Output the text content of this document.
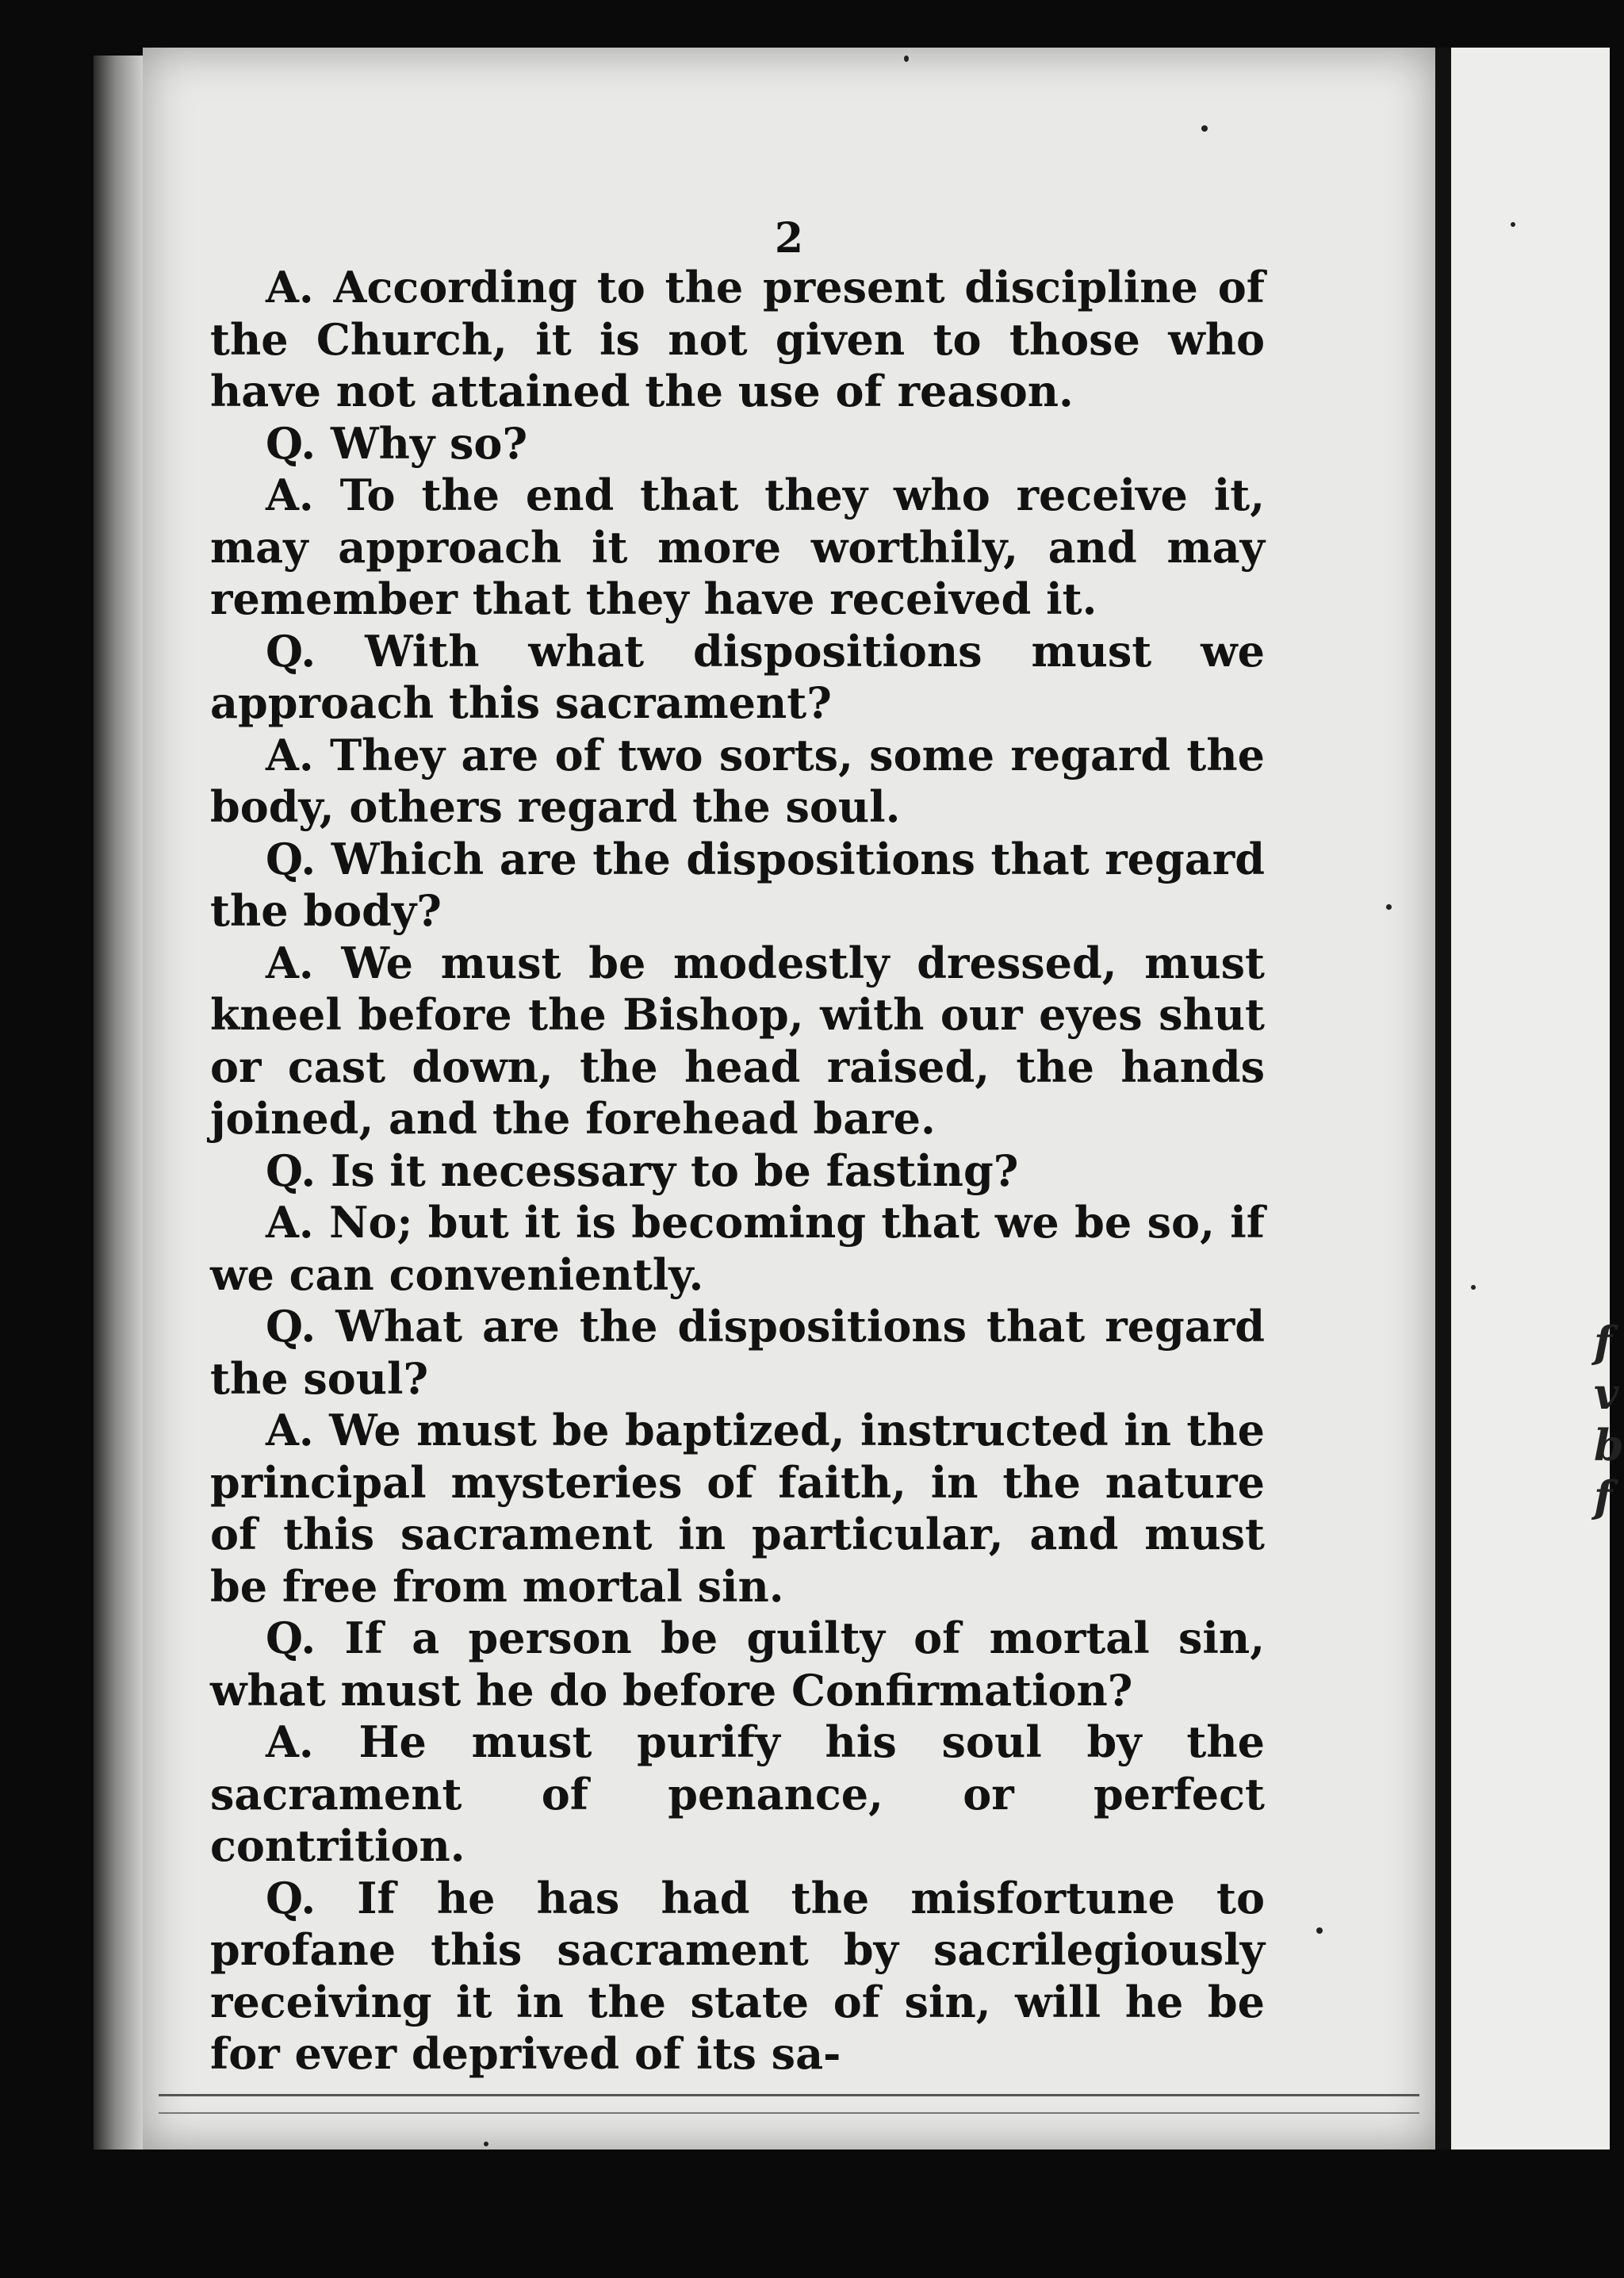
2

A. According to the present discipline of the Church, it is not given to those who have not attained the use of reason.

Q. Why so?

A. To the end that they who receive it, may approach it more worthily, and may remember that they have received it.

Q. With what dispositions must we approach this sacrament?

A. They are of two sorts, some regard the body, others regard the soul.

Q. Which are the dispositions that regard the body?

A. We must be modestly dressed, must kneel before the Bishop, with our eyes shut or cast down, the head raised, the hands joined, and the forehead bare.

Q. Is it necessary to be fasting?

A. No; but it is becoming that we be so, if we can conveniently.

Q. What are the dispositions that regard the soul?

A. We must be baptized, instructed in the principal mysteries of faith, in the nature of this sacrament in particular, and must be free from mortal sin.

Q. If a person be guilty of mortal sin, what must he do before Confirmation?

A. He must purify his soul by the sacrament of penance, or perfect contrition.

Q. If he has had the misfortune to profane this sacrament by sacrilegiously receiving it in the state of sin, will he be for ever deprived of its sa-

f
v
b
f
